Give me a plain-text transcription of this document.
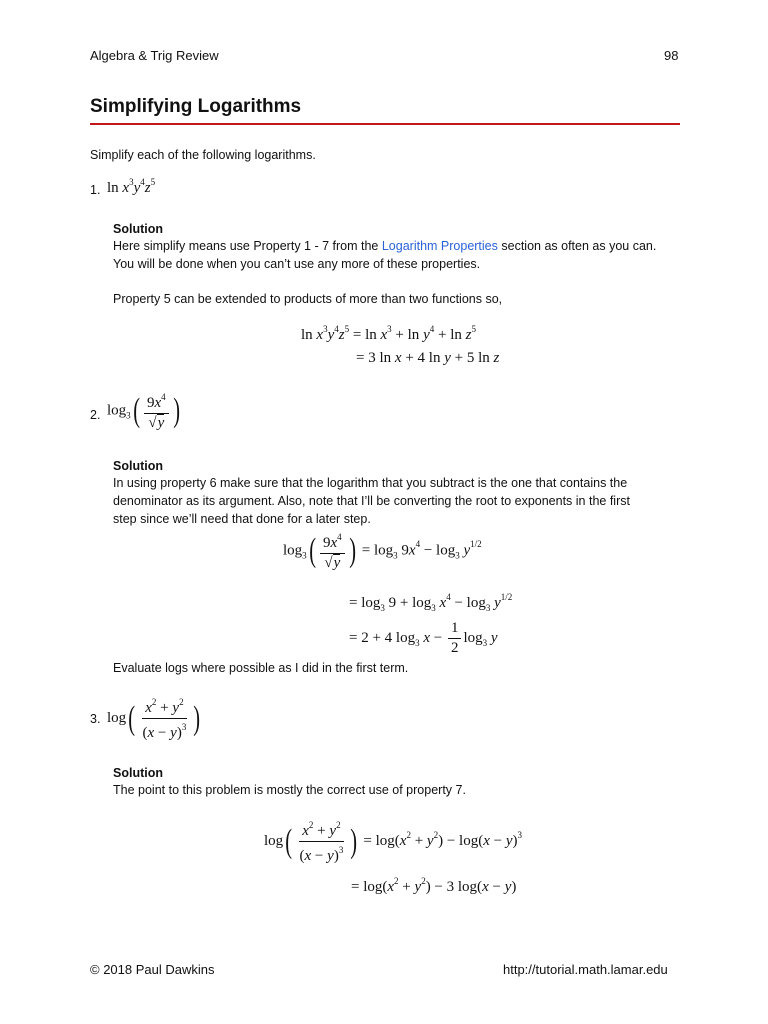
Algebra & Trig Review	98
Simplifying Logarithms
Simplify each of the following logarithms.
1. $\ln x^3y^4z^5$
Solution
Here simplify means use Property 1 - 7 from the Logarithm Properties section as often as you can.
You will be done when you can’t use any more of these properties.
Property 5 can be extended to products of more than two functions so,
$\ln x^3y^4z^5 = \ln x^3 + \ln y^4 + \ln z^5$
= 3 ln x + 4 ln y + 5 ln z
2. $\log_3( \frac{9x^4}{√y}$ )
Solution
In using property 6 make sure that the logarithm that you subtract is the one that contains the
denominator as its argument. Also, note that I’ll be converting the root to exponents in the first
step since we’ll need that done for a later step.
$\log_3( \frac{9x^4}{√y}$ ) = $\log_3 9x^4 - \log_3 y^{1/2}$
= $\log_3 9 + \log_3 x^4 - \log_3 y^{1/2}$
= 2 + 4 $\log_3 x - \frac{1}{2} \log_3 y$
Evaluate logs where possible as I did in the first term.
3. $\log( \frac{x^2 + y^2}{(x - y)^3}$ )
Solution
The point to this problem is mostly the correct use of property 7.
$\log( \frac{x^2 + y^2}{(x - y)^3}$ ) = $\log(x^2 + y^2) - \log(x - y)^3$
= $\log(x^2 + y^2) - 3$ log(x − y)
© 2018 Paul Dawkins	http://tutorial.math.lamar.edu
